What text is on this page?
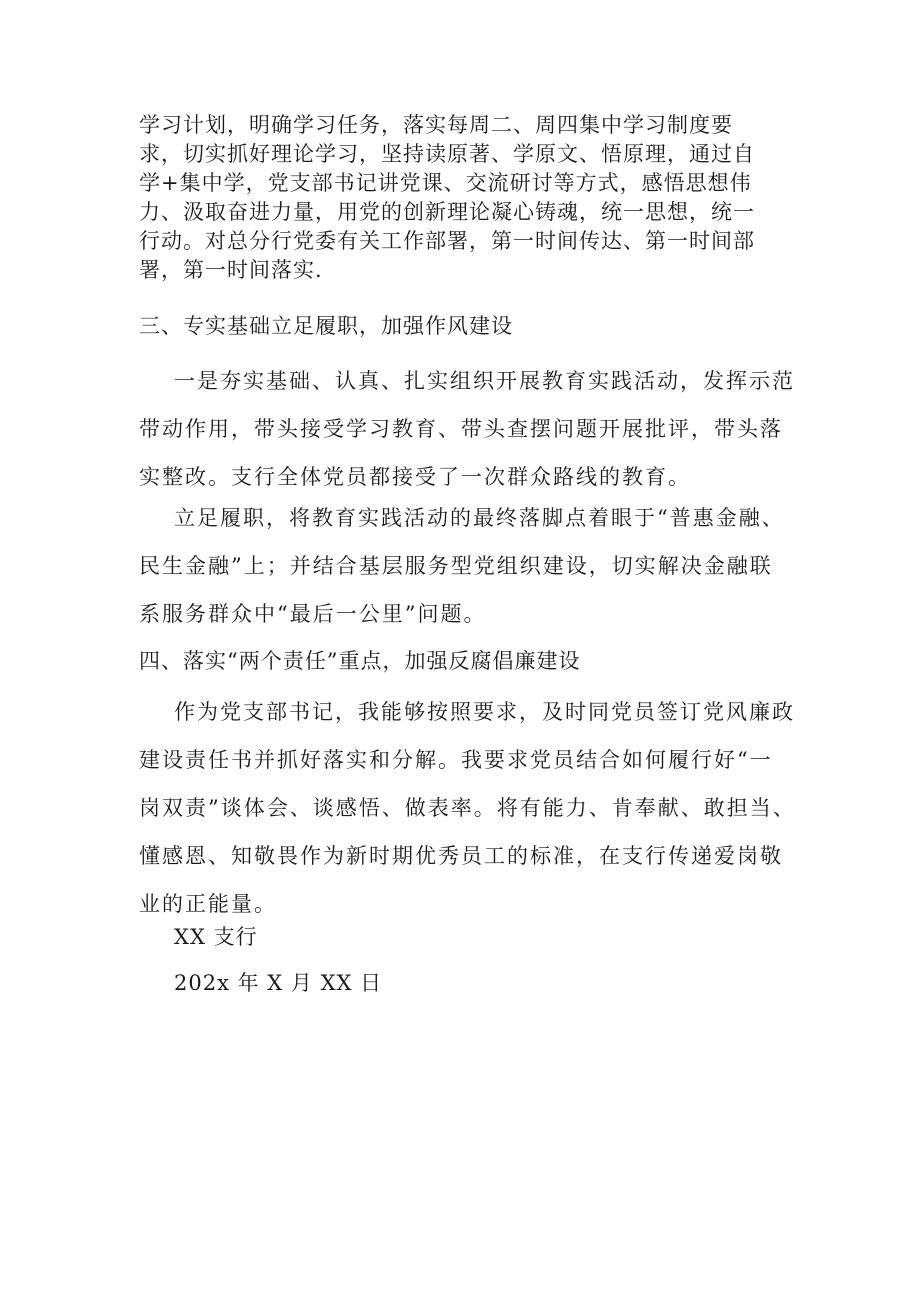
学习计划，明确学习任务，落实每周二、周四集中学习制度要
求，切实抓好理论学习，坚持读原著、学原文、悟原理，通过自
学+集中学，党支部书记讲党课、交流研讨等方式，感悟思想伟
力、汲取奋进力量，用党的创新理论凝心铸魂，统一思想，统一
行动。对总分行党委有关工作部署，第一时间传达、第一时间部
署，第一时间落实.
三、专实基础立足履职，加强作风建设
一是夯实基础、认真、扎实组织开展教育实践活动，发挥示范
带动作用，带头接受学习教育、带头查摆问题开展批评，带头落
实整改。支行全体党员都接受了一次群众路线的教育。
立足履职，将教育实践活动的最终落脚点着眼于“普惠金融、
民生金融”上；并结合基层服务型党组织建设，切实解决金融联
系服务群众中“最后一公里”问题。
四、落实“两个责任”重点，加强反腐倡廉建设
作为党支部书记，我能够按照要求，及时同党员签订党风廉政
建设责任书并抓好落实和分解。我要求党员结合如何履行好“一
岗双责”谈体会、谈感悟、做表率。将有能力、肯奉献、敢担当、
懂感恩、知敬畏作为新时期优秀员工的标准，在支行传递爱岗敬
业的正能量。
XX 支行
202x 年 X 月 XX 日
